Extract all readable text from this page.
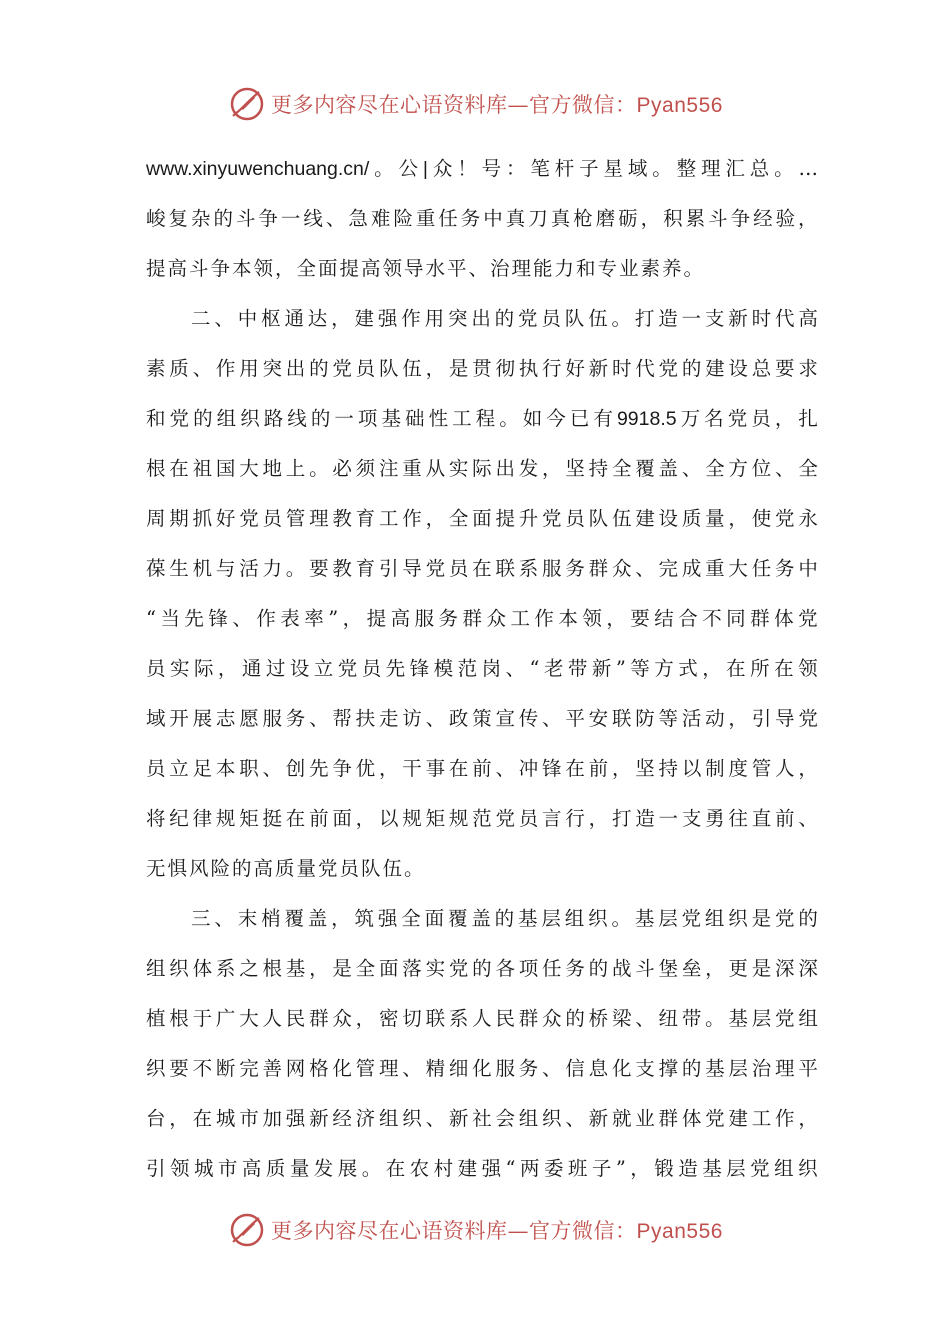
更多内容尽在心语资料库—官方微信：Pyan556
www.xinyuwenchuang.cn/ 。 公 | 众 ！ 号 ： 笔 杆 子 星 域 。 整 理 汇 总 。 …
峻 复 杂 的 斗 争 一 线 、 急 难 险 重 任 务 中 真 刀 真 枪 磨 砺 ， 积 累 斗 争 经 验 ，
提高斗争本领，全面提高领导水平、治理能力和专业素养。
二 、 中 枢 通 达 ， 建 强 作 用 突 出 的 党 员 队 伍 。 打 造 一 支 新 时 代 高
素 质 、 作 用 突 出 的 党 员 队 伍 ， 是 贯 彻 执 行 好 新 时 代 党 的 建 设 总 要 求
和 党 的 组 织 路 线 的 一 项 基 础 性 工 程 。 如 今 已 有 9918.5 万 名 党 员 ， 扎
根 在 祖 国 大 地 上 。 必 须 注 重 从 实 际 出 发 ， 坚 持 全 覆 盖 、 全 方 位 、 全
周 期 抓 好 党 员 管 理 教 育 工 作 ， 全 面 提 升 党 员 队 伍 建 设 质 量 ， 使 党 永
葆 生 机 与 活 力 。 要 教 育 引 导 党 员 在 联 系 服 务 群 众 、 完 成 重 大 任 务 中
“ 当 先 锋 、 作 表 率 ” ， 提 高 服 务 群 众 工 作 本 领 ， 要 结 合 不 同 群 体 党
员 实 际 ， 通 过 设 立 党 员 先 锋 模 范 岗 、 “ 老 带 新 ” 等 方 式 ， 在 所 在 领
域 开 展 志 愿 服 务 、 帮 扶 走 访 、 政 策 宣 传 、 平 安 联 防 等 活 动 ， 引 导 党
员 立 足 本 职 、 创 先 争 优 ， 干 事 在 前 、 冲 锋 在 前 ， 坚 持 以 制 度 管 人 ，
将 纪 律 规 矩 挺 在 前 面 ， 以 规 矩 规 范 党 员 言 行 ， 打 造 一 支 勇 往 直 前 、
无惧风险的高质量党员队伍。
三 、 末 梢 覆 盖 ， 筑 强 全 面 覆 盖 的 基 层 组 织 。 基 层 党 组 织 是 党 的
组 织 体 系 之 根 基 ， 是 全 面 落 实 党 的 各 项 任 务 的 战 斗 堡 垒 ， 更 是 深 深
植 根 于 广 大 人 民 群 众 ， 密 切 联 系 人 民 群 众 的 桥 梁 、 纽 带 。 基 层 党 组
织 要 不 断 完 善 网 格 化 管 理 、 精 细 化 服 务 、 信 息 化 支 撑 的 基 层 治 理 平
台 ， 在 城 市 加 强 新 经 济 组 织 、 新 社 会 组 织 、 新 就 业 群 体 党 建 工 作 ，
引 领 城 市 高 质 量 发 展 。 在 农 村 建 强 “ 两 委 班 子 ” ， 锻 造 基 层 党 组 织
更多内容尽在心语资料库—官方微信：Pyan556
